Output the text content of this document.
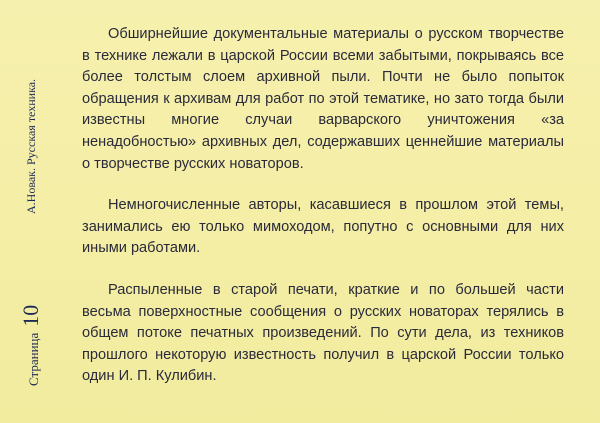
А.Новак. Русская техника.
Страница
10

Обширнейшие документальные материалы о русском творчестве в технике лежали в царской России всеми забытыми, покрываясь все более толстым слоем архивной пыли. Почти не было попыток обращения к архивам для работ по этой тематике, но зато тогда были известны многие случаи варварского уничтожения «за ненадобностью» архивных дел, содержавших ценнейшие материалы о творчестве русских новаторов.

Немногочисленные авторы, касавшиеся в прошлом этой темы, занимались ею только мимоходом, попутно с основными для них иными работами.

Распыленные в старой печати, краткие и по большей части весьма поверхностные сообщения о русских новаторах терялись в общем потоке печатных произведений. По сути дела, из техников прошлого некоторую известность получил в царской России только один И. П. Кулибин.
